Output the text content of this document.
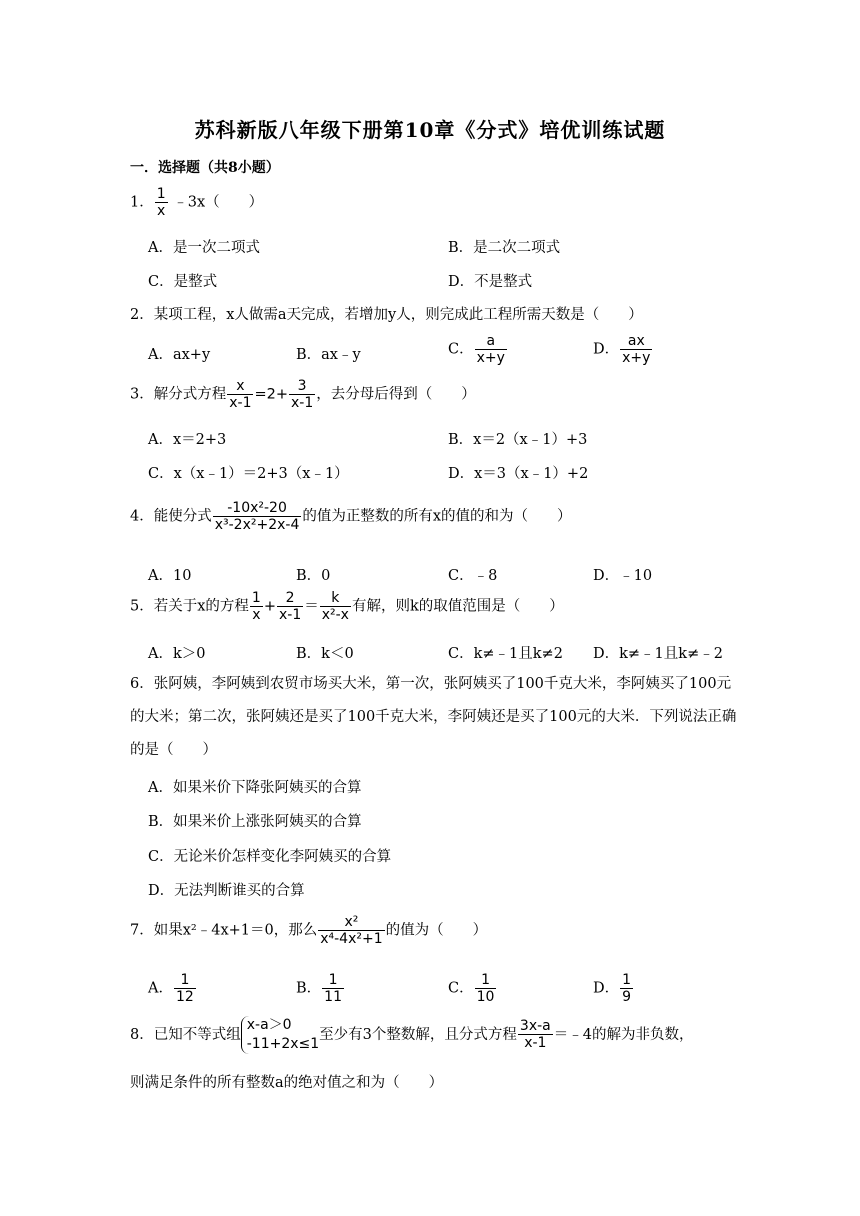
苏科新版八年级下册第10章《分式》培优训练试题
一．选择题（共8小题）
1． $\frac{1}{x}$ ﹣3x（　　）
A．是一次二项式	B．是二次二项式
C．是整式	D．不是整式
2．某项工程，x人做需a天完成，若增加y人，则完成此工程所需天数是（　　）
A．ax+y	B．ax﹣y	C． $\frac{a}{x+y}$	D． $\frac{ax}{x+y}$
3．解分式方程 $\frac{x}{x-1} =2+ \frac{3}{x-1}$ ，去分母后得到（　　）
A．x＝2+3	B．x＝2（x﹣1）+3
C．x（x﹣1）＝2+3（x﹣1）	D．x＝3（x﹣1）+2
4．能使分式 $\frac{\text{-10x²-20}}{\text{x³-2x²+2x-4}}$ 的值为正整数的所有x的值的和为（　　）
A．10	B．0	C．﹣8	D．﹣10
5．若关于x的方程 $\frac{1}{x} + \frac{2}{x-1} = \frac{k}{\text{x²-x}}$ 有解，则k的取值范围是（　　）
A．k＞0	B．k＜0	C．k≠﹣1且k≠2 D．k≠﹣1且k≠﹣2
6．张阿姨，李阿姨到农贸市场买大米，第一次，张阿姨买了100千克大米，李阿姨买了100元的大米；第二次，张阿姨还是买了100千克大米，李阿姨还是买了100元的大米．下列说法正确的是（　　）
A．如果米价下降张阿姨买的合算
B．如果米价上涨张阿姨买的合算
C．无论米价怎样变化李阿姨买的合算
D．无法判断谁买的合算
7．如果x²﹣4x+1＝0，那么 $\frac{\text{x²}}{\text{x⁴-4x²+1}}$ 的值为（　　）
A． $\frac{1}{12}$	B． $\frac{1}{11}$	C． $\frac{1}{10}$	D． $\frac{1}{9}$
8．已知不等式组
x-a＞0
-11+2x≤1
至少有3个整数解，且分式方程 $\frac{3x-a}{x-1}$ ＝﹣4的解为非负数，
则满足条件的所有整数a的绝对值之和为（　　）
